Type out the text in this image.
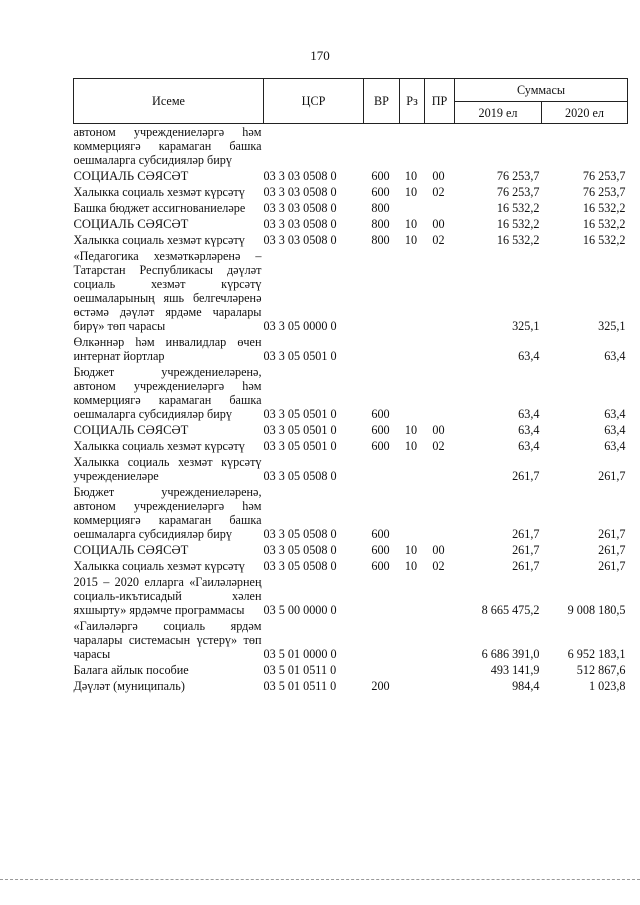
170
Исеме	ЦСР	ВР	Рз	ПР	Суммасы	
					2019 ел	2020 ел
автоном учреждениеләргә һәм коммерциягә карамаган башка оешмаларга субсидияләр бирү						
СОЦИАЛЬ СӘЯСӘТ	03 3 03 0508 0	600	10	00	76 253,7	76 253,7
Халыкка социаль хезмәт күрсәтү	03 3 03 0508 0	600	10	02	76 253,7	76 253,7
Башка бюджет ассигнованиеләре	03 3 03 0508 0	800			16 532,2	16 532,2
СОЦИАЛЬ СӘЯСӘТ	03 3 03 0508 0	800	10	00	16 532,2	16 532,2
Халыкка социаль хезмәт күрсәтү	03 3 03 0508 0	800	10	02	16 532,2	16 532,2
«Педагогика хезмәткәрләренә – Татарстан Республикасы дәүләт социаль хезмәт күрсәтү оешмаларының яшь белгечләренә өстәмә дәүләт ярдәме чаралары бирү» төп чарасы	03 3 05 0000 0				325,1	325,1
Өлкәннәр һәм инвалидлар өчен интернат йортлар	03 3 05 0501 0				63,4	63,4
Бюджет учреждениеләренә, автоном учреждениеләргә һәм коммерциягә карамаган башка оешмаларга субсидияләр бирү	03 3 05 0501 0	600			63,4	63,4
СОЦИАЛЬ СӘЯСӘТ	03 3 05 0501 0	600	10	00	63,4	63,4
Халыкка социаль хезмәт күрсәтү	03 3 05 0501 0	600	10	02	63,4	63,4
Халыкка социаль хезмәт күрсәтү учреждениеләре	03 3 05 0508 0				261,7	261,7
Бюджет учреждениеләренә, автоном учреждениеләргә һәм коммерциягә карамаган башка оешмаларга субсидияләр бирү	03 3 05 0508 0	600			261,7	261,7
СОЦИАЛЬ СӘЯСӘТ	03 3 05 0508 0	600	10	00	261,7	261,7
Халыкка социаль хезмәт күрсәтү	03 3 05 0508 0	600	10	02	261,7	261,7
2015 – 2020 елларга «Гаиләләрнең социаль-икътисадый хәлен яхшырту» ярдәмче программасы	03 5 00 0000 0				8 665 475,2	9 008 180,5
«Гаиләләргә социаль ярдәм чаралары системасын үстерү» төп чарасы	03 5 01 0000 0				6 686 391,0	6 952 183,1
Балага айлык пособие	03 5 01 0511 0				493 141,9	512 867,6
Дәүләт (муниципаль)	03 5 01 0511 0	200			984,4	1 023,8
